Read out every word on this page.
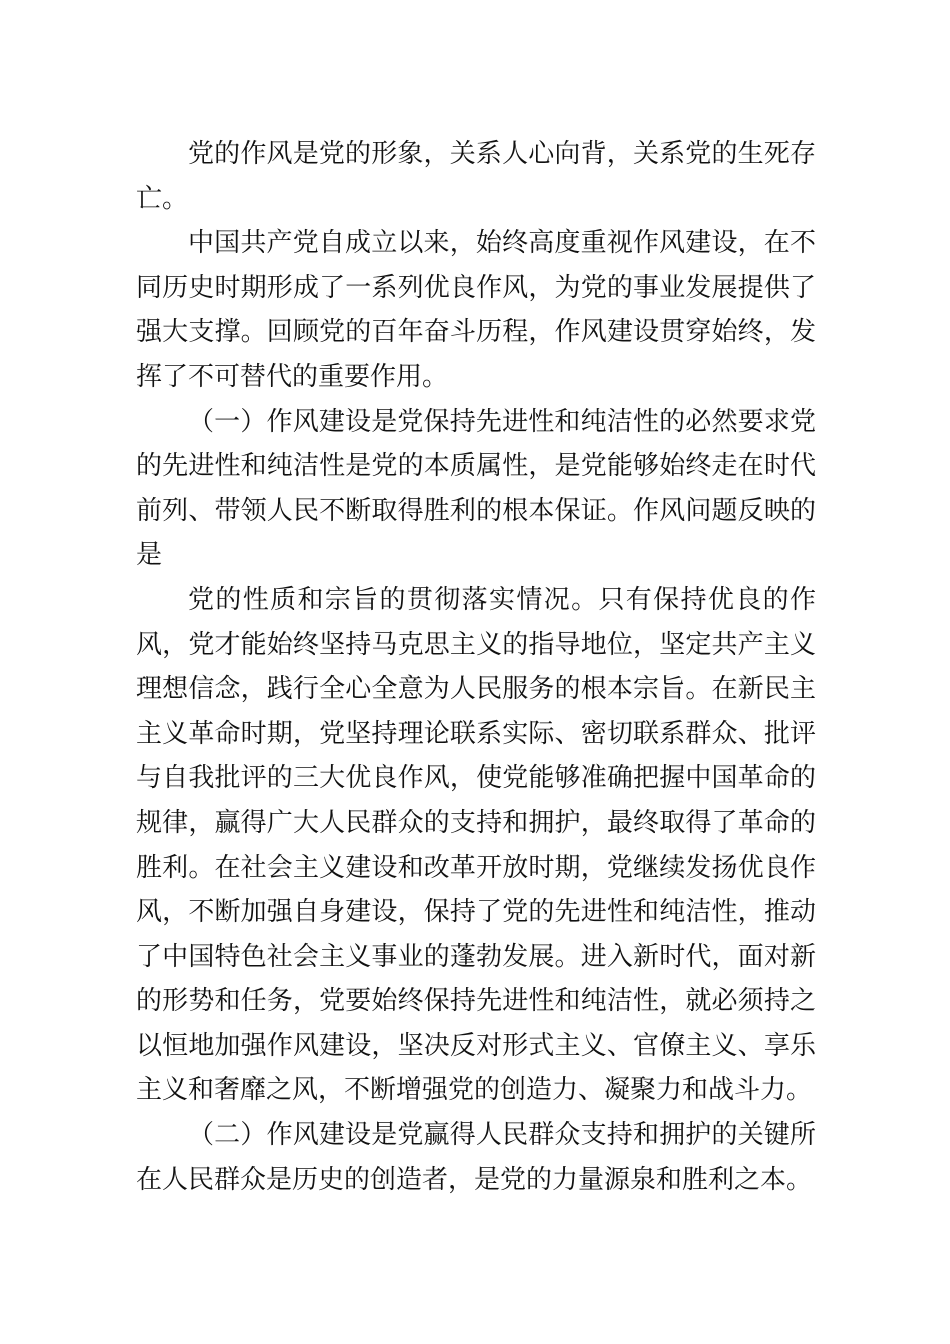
党的作风是党的形象，关系人心向背，关系党的生死存亡。

中国共产党自成立以来，始终高度重视作风建设，在不同历史时期形成了一系列优良作风，为党的事业发展提供了强大支撑。回顾党的百年奋斗历程，作风建设贯穿始终，发挥了不可替代的重要作用。

（一）作风建设是党保持先进性和纯洁性的必然要求党的先进性和纯洁性是党的本质属性，是党能够始终走在时代前列、带领人民不断取得胜利的根本保证。作风问题反映的是

党的性质和宗旨的贯彻落实情况。只有保持优良的作风，党才能始终坚持马克思主义的指导地位，坚定共产主义理想信念，践行全心全意为人民服务的根本宗旨。在新民主主义革命时期，党坚持理论联系实际、密切联系群众、批评与自我批评的三大优良作风，使党能够准确把握中国革命的规律，赢得广大人民群众的支持和拥护，最终取得了革命的胜利。在社会主义建设和改革开放时期，党继续发扬优良作风，不断加强自身建设，保持了党的先进性和纯洁性，推动了中国特色社会主义事业的蓬勃发展。进入新时代，面对新的形势和任务，党要始终保持先进性和纯洁性，就必须持之以恒地加强作风建设，坚决反对形式主义、官僚主义、享乐主义和奢靡之风，不断增强党的创造力、凝聚力和战斗力。

（二）作风建设是党赢得人民群众支持和拥护的关键所在人民群众是历史的创造者，是党的力量源泉和胜利之本。
